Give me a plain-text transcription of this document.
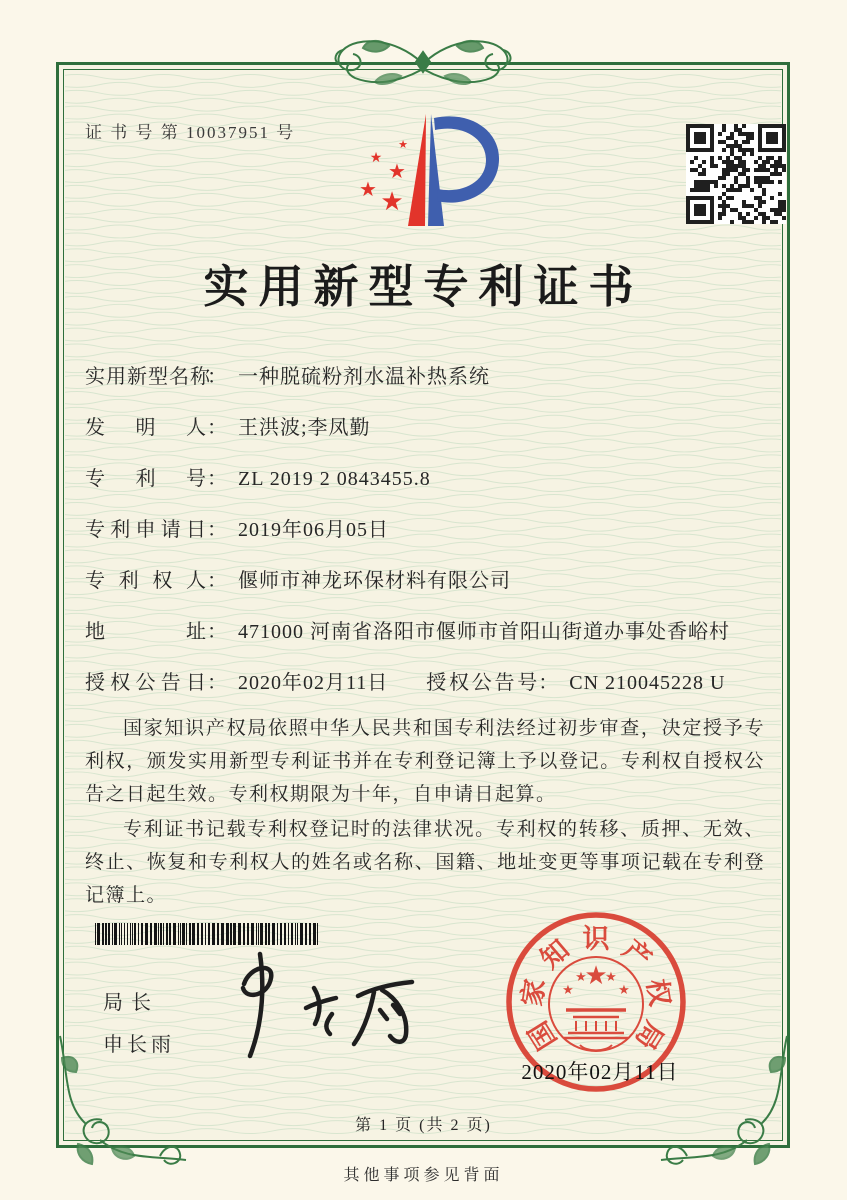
证 书 号 第 10037951 号
★
★
★
★
★
实用新型专利证书
实用新型名称： 一种脱硫粉剂水温补热系统
发明人： 王洪波;李凤勤
专利号： ZL 2019 2 0843455.8
专利申请日： 2019年06月05日
专利权人： 偃师市神龙环保材料有限公司
地址： 471000 河南省洛阳市偃师市首阳山街道办事处香峪村
授权公告日： 2020年02月11日 授权公告号： CN 210045228 U

国家知识产权局依照中华人民共和国专利法经过初步审查，决定授予专利权，颁发实用新型专利证书并在专利登记簿上予以登记。专利权自授权公告之日起生效。专利权期限为十年，自申请日起算。

专利证书记载专利权登记时的法律状况。专利权的转移、质押、无效、终止、恢复和专利权人的姓名或名称、国籍、地址变更等事项记载在专利登记簿上。

局长
申长雨	国
家
知 识 产
权
局
★
★
★ ★
★
2020年02月11日
第 1 页 (共 2 页)
其他事项参见背面
